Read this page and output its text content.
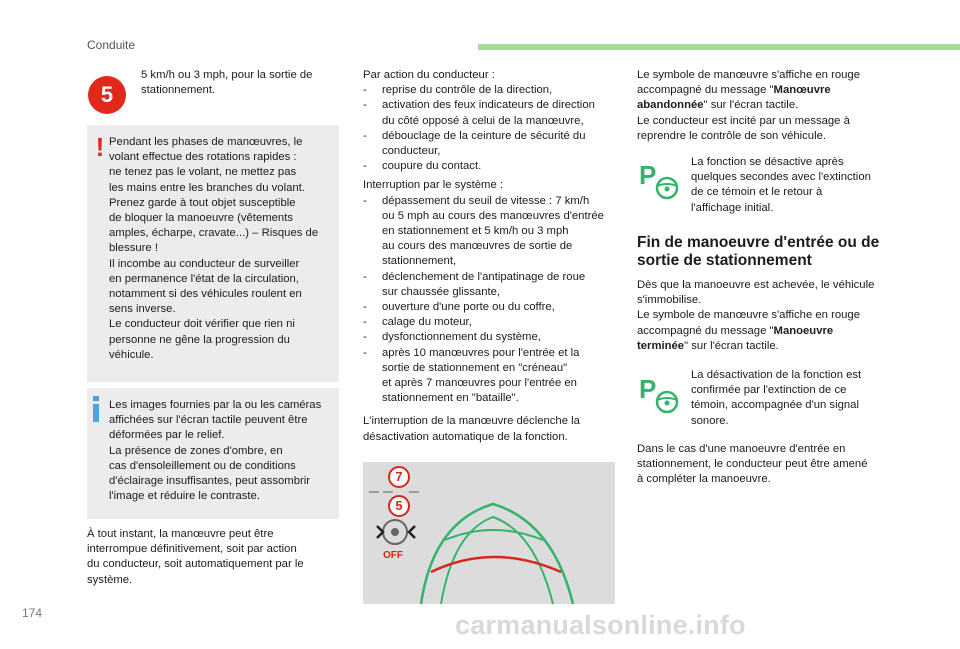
Conduite
5
5 km/h ou 3 mph, pour la sortie de
stationnement.
! Pendant les phases de manœuvres, le
volant effectue des rotations rapides :
ne tenez pas le volant, ne mettez pas
les mains entre les branches du volant.
Prenez garde à tout objet susceptible
de bloquer la manoeuvre (vêtements
amples, écharpe, cravate...) – Risques de
blessure !
Il incombe au conducteur de surveiller
en permanence l'état de la circulation,
notamment si des véhicules roulent en
sens inverse.
Le conducteur doit vérifier que rien ni
personne ne gêne la progression du
véhicule.
Les images fournies par la ou les caméras
affichées sur l'écran tactile peuvent être
déformées par le relief.
La présence de zones d'ombre, en
cas d'ensoleillement ou de conditions
d'éclairage insuffisantes, peut assombrir
l'image et réduire le contraste.
À tout instant, la manœuvre peut être
interrompue définitivement, soit par action
du conducteur, soit automatiquement par le
système.
Par action du conducteur :
- reprise du contrôle de la direction,
- activation des feux indicateurs de direction
du côté opposé à celui de la manœuvre,
- débouclage de la ceinture de sécurité du
conducteur,
- coupure du contact.
Interruption par le système :
- dépassement du seuil de vitesse : 7 km/h
ou 5 mph au cours des manœuvres d'entrée
en stationnement et 5 km/h ou 3 mph
au cours des manœuvres de sortie de
stationnement,
- déclenchement de l'antipatinage de roue
sur chaussée glissante,
- ouverture d'une porte ou du coffre,
- calage du moteur,
- dysfonctionnement du système,
- après 10 manœuvres pour l'entrée et la
sortie de stationnement en "créneau"
et après 7 manœuvres pour l'entrée en
stationnement en "bataille".
L'interruption de la manœuvre déclenche la
désactivation automatique de la fonction.
7
5
OFF
Le symbole de manœuvre s'affiche en rouge
accompagné du message "Manœuvre
abandonnée" sur l'écran tactile.
Le conducteur est incité par un message à
reprendre le contrôle de son véhicule.
P	La fonction se désactive après
quelques secondes avec l'extinction
de ce témoin et le retour à
l'affichage initial.
Fin de manoeuvre d'entrée ou de
sortie de stationnement
Dès que la manoeuvre est achevée, le véhicule
s'immobilise.
Le symbole de manœuvre s'affiche en rouge
accompagné du message "Manoeuvre
terminée" sur l'écran tactile.
P	La désactivation de la fonction est
confirmée par l'extinction de ce
témoin, accompagnée d'un signal
sonore.
Dans le cas d'une manoeuvre d'entrée en
stationnement, le conducteur peut être amené
à compléter la manoeuvre.
174	carmanualsonline.info
